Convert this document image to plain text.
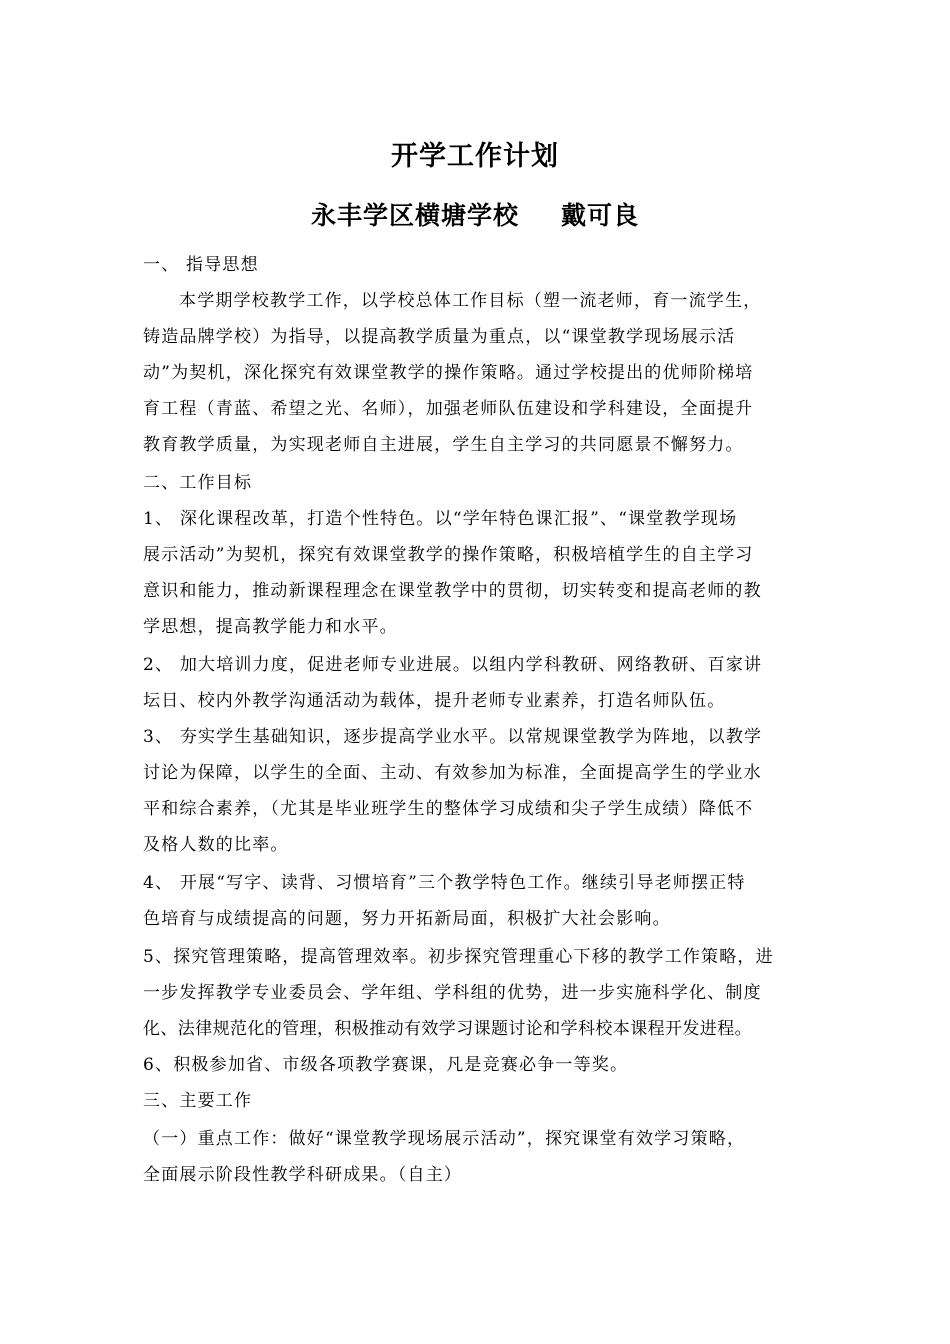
开学工作计划
永丰学区横塘学校 戴可良
一、 指导思想
本学期学校教学工作，以学校总体工作目标（塑一流老师，育一流学生，
铸造品牌学校）为指导，以提高教学质量为重点，以“课堂教学现场展示活
动”为契机，深化探究有效课堂教学的操作策略。通过学校提出的优师阶梯培
育工程（青蓝、希望之光、名师），加强老师队伍建设和学科建设，全面提升
教育教学质量，为实现老师自主进展，学生自主学习的共同愿景不懈努力。
二、工作目标
1、 深化课程改革，打造个性特色。以“学年特色课汇报”、“课堂教学现场
展示活动”为契机，探究有效课堂教学的操作策略，积极培植学生的自主学习
意识和能力，推动新课程理念在课堂教学中的贯彻，切实转变和提高老师的教
学思想，提高教学能力和水平。
2、 加大培训力度，促进老师专业进展。以组内学科教研、网络教研、百家讲
坛日、校内外教学沟通活动为载体，提升老师专业素养，打造名师队伍。
3、 夯实学生基础知识，逐步提高学业水平。以常规课堂教学为阵地，以教学
讨论为保障，以学生的全面、主动、有效参加为标准，全面提高学生的学业水
平和综合素养，（尤其是毕业班学生的整体学习成绩和尖子学生成绩）降低不
及格人数的比率。
4、 开展“写字、读背、习惯培育”三个教学特色工作。继续引导老师摆正特
色培育与成绩提高的问题，努力开拓新局面，积极扩大社会影响。
5、探究管理策略，提高管理效率。初步探究管理重心下移的教学工作策略，进
一步发挥教学专业委员会、学年组、学科组的优势，进一步实施科学化、制度
化、法律规范化的管理，积极推动有效学习课题讨论和学科校本课程开发进程。
6、积极参加省、市级各项教学赛课，凡是竞赛必争一等奖。
三、主要工作
（一）重点工作：做好“课堂教学现场展示活动”，探究课堂有效学习策略，
全面展示阶段性教学科研成果。（自主）
